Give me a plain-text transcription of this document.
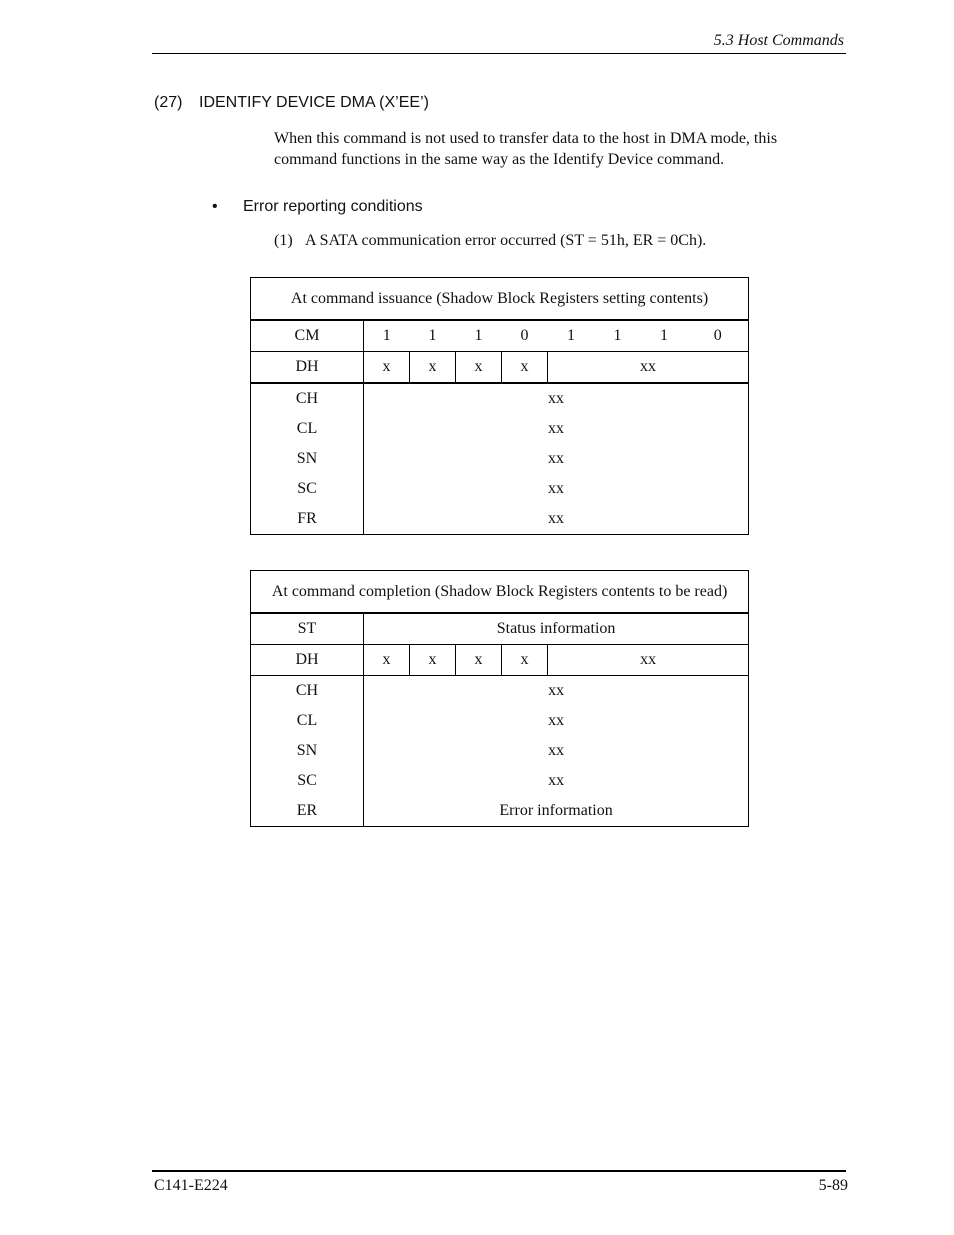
5.3 Host Commands
(27) IDENTIFY DEVICE DMA (X’EE’)
When this command is not used to transfer data to the host in DMA mode, this command functions in the same way as the Identify Device command.
• Error reporting conditions
(1) A SATA communication error occurred (ST = 51h, ER = 0Ch).
At command issuance (Shadow Block Registers setting contents)								
CM	1	1	1	0	1	1	1	0
DH	x	x	x	x	xx			
CH	xx							
CL	xx							
SN	xx							
SC	xx							
FR	xx							
At command completion (Shadow Block Registers contents to be read)					
ST	Status information				
DH	x	x	x	x	xx
CH	xx				
CL	xx				
SN	xx				
SC	xx				
ER	Error information				
C141-E224	5-89
